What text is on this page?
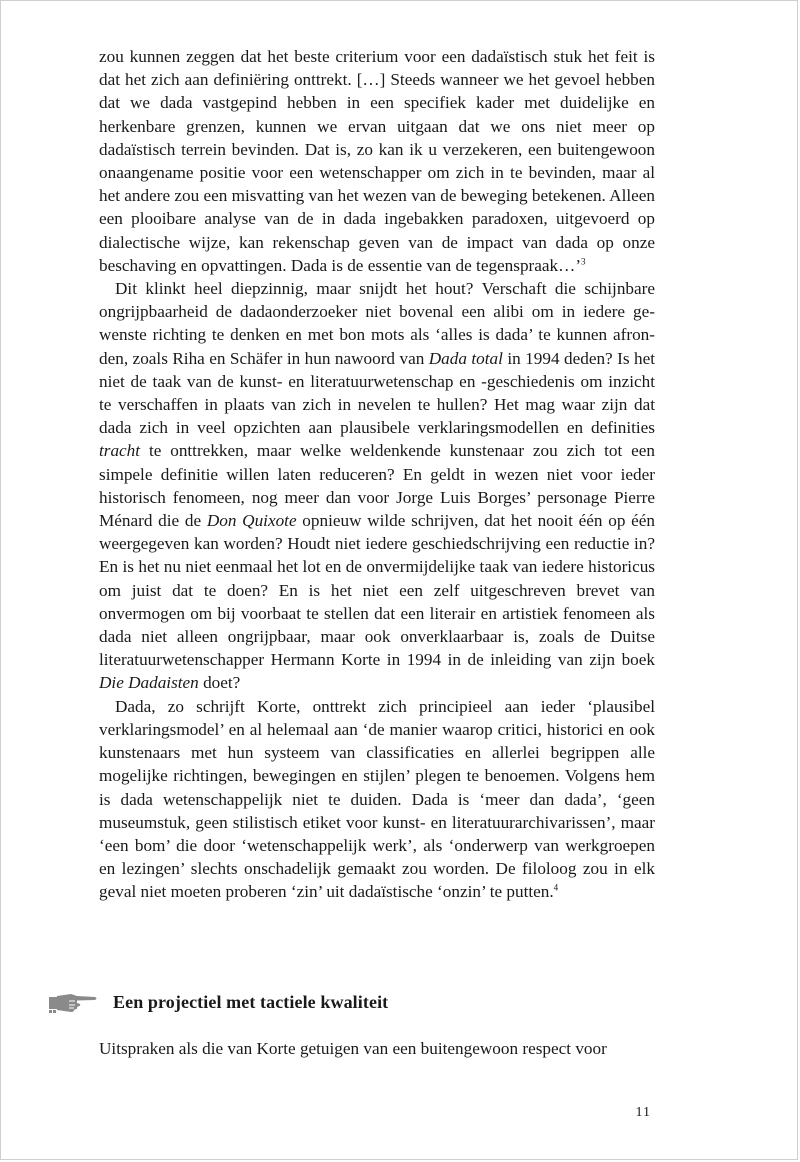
zou kunnen zeggen dat het beste criterium voor een dadaïstisch stuk het feit is dat het zich aan definiëring onttrekt. […] Steeds wanneer we het gevoel hebben dat we dada vastgepind hebben in een specifiek kader met duidelijke en herkenbare grenzen, kunnen we ervan uitgaan dat we ons niet meer op dadaïstisch terrein bevinden. Dat is, zo kan ik u verzekeren, een buitengewoon onaangename positie voor een wetenschapper om zich in te bevinden, maar al het andere zou een misvatting van het wezen van de beweging betekenen. Alleen een plooibare analyse van de in dada ingebakken paradoxen, uitgevoerd op dialectische wijze, kan rekenschap geven van de impact van dada op onze beschaving en opvattingen. Dada is de essentie van de tegenspraak…’$^3$

Dit klinkt heel diepzinnig, maar snijdt het hout? Verschaft die schijnbare ongrijpbaarheid de dadaonderzoeker niet bovenal een alibi om in iedere gewenste richting te denken en met bon mots als ‘alles is dada’ te kunnen afronden, zoals Riha en Schäfer in hun nawoord van Dada total in 1994 deden? Is het niet de taak van de kunst- en literatuurwetenschap en -geschiedenis om inzicht te verschaffen in plaats van zich in nevelen te hullen? Het mag waar zijn dat dada zich in veel opzichten aan plausibele verklaringsmodellen en definities tracht te onttrekken, maar welke weldenkende kunstenaar zou zich tot een simpele definitie willen laten reduceren? En geldt in wezen niet voor ieder historisch fenomeen, nog meer dan voor Jorge Luis Borges’ personage Pierre Ménard die de Don Quixote opnieuw wilde schrijven, dat het nooit één op één weergegeven kan worden? Houdt niet iedere geschiedschrijving een reductie in? En is het nu niet eenmaal het lot en de onvermijdelijke taak van iedere historicus om juist dat te doen? En is het niet een zelf uitgeschreven brevet van onvermogen om bij voorbaat te stellen dat een literair en artistiek fenomeen als dada niet alleen ongrijpbaar, maar ook onverklaarbaar is, zoals de Duitse literatuurwetenschapper Hermann Korte in 1994 in de inleiding van zijn boek Die Dadaisten doet?

Dada, zo schrijft Korte, onttrekt zich principieel aan ieder ‘plausibel verklaringsmodel’ en al helemaal aan ‘de manier waarop critici, historici en ook kunstenaars met hun systeem van classificaties en allerlei begrippen alle mogelijke richtingen, bewegingen en stijlen’ plegen te benoemen. Volgens hem is dada wetenschappelijk niet te duiden. Dada is ‘meer dan dada’, ‘geen museumstuk, geen stilistisch etiket voor kunst- en literatuurarchivarissen’, maar ‘een bom’ die door ‘wetenschappelijk werk’, als ‘onderwerp van werkgroepen en lezingen’ slechts onschadelijk gemaakt zou worden. De filoloog zou in elk geval niet moeten proberen ‘zin’ uit dadaïstische ‘onzin’ te putten.$^4$

Een projectiel met tactiele kwaliteit
Uitspraken als die van Korte getuigen van een buitengewoon respect voor
11
